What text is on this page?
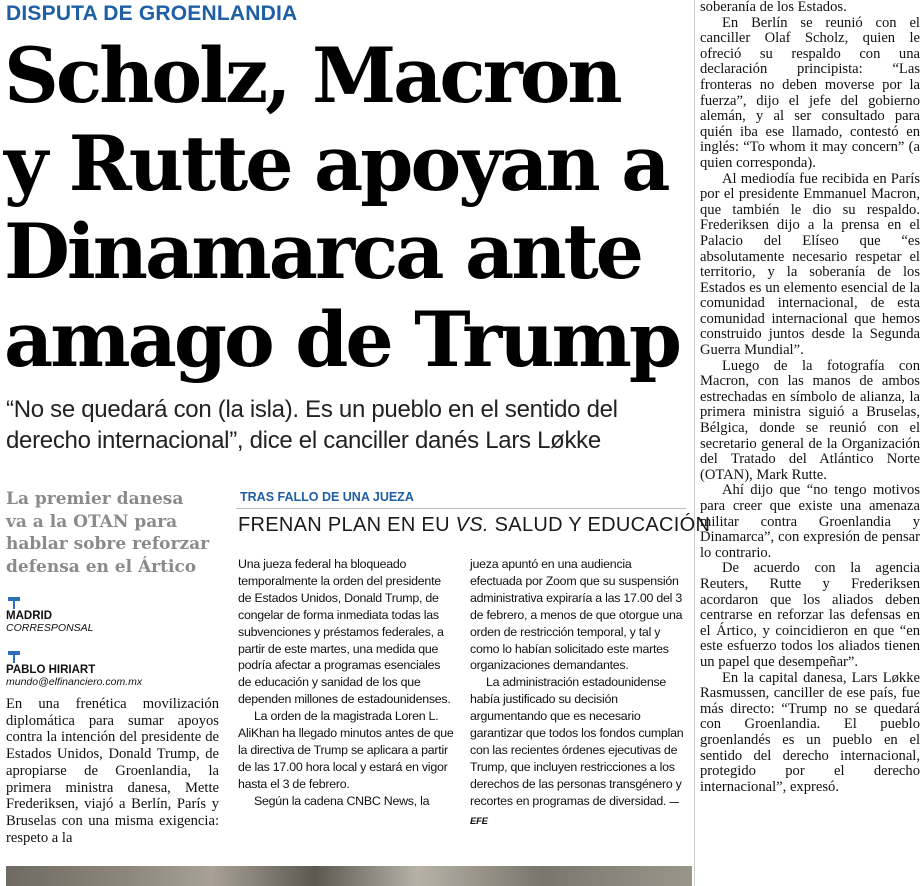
DISPUTA DE GROENLANDIA
Scholz, Macron
y Rutte apoyan a
Dinamarca ante
amago de Trump
“No se quedará con (la isla). Es un pueblo en el sentido del
derecho internacional”, dice el canciller danés Lars Løkke

soberanía de los Estados.

En Berlín se reunió con el canciller Olaf Scholz, quien le ofreció su respaldo con una declaración principista: “Las fronteras no deben moverse por la fuerza”, dijo el jefe del gobierno alemán, y al ser consultado para quién iba ese llamado, contestó en inglés: “To whom it may concern” (a quien corresponda).

Al mediodía fue recibida en París por el presidente Emmanuel Macron, que también le dio su respaldo. Frederiksen dijo a la prensa en el Palacio del Elíseo que “es absolutamente necesario respetar el territorio, y la soberanía de los Estados es un elemento esencial de la comunidad internacional, de esta comunidad internacional que hemos construido juntos desde la Segunda Guerra Mundial”.

Luego de la fotografía con Macron, con las manos de ambos estrechadas en símbolo de alianza, la primera ministra siguió a Bruselas, Bélgica, donde se reunió con el secretario general de la Organización del Tratado del Atlántico Norte (OTAN), Mark Rutte.

Ahí dijo que “no tengo motivos para creer que existe una amenaza militar contra Groenlandia y Dinamarca”, con expresión de pensar lo contrario.

De acuerdo con la agencia Reuters, Rutte y Frederiksen acordaron que los aliados deben centrarse en reforzar las defensas en el Ártico, y coincidieron en que “en este esfuerzo todos los aliados tienen un papel que desempeñar”.

En la capital danesa, Lars Løkke Rasmussen, canciller de ese país, fue más directo: “Trump no se quedará con Groenlandia. El pueblo groenlandés es un pueblo en el sentido del derecho internacional, protegido por el derecho internacional”, expresó.

La premier danesa
va a la OTAN para
hablar sobre reforzar
defensa en el Ártico
MADRID
CORRESPONSAL
PABLO HIRIART
mundo@elfinanciero.com.mx

En una frenética movilización diplomática para sumar apoyos contra la intención del presidente de Estados Unidos, Donald Trump, de apropiarse de Groenlandia, la primera ministra danesa, Mette Frederiksen, viajó a Berlín, París y Bruselas con una misma exigencia: respeto a la

TRAS FALLO DE UNA JUEZA
FRENAN PLAN EN EU VS. SALUD Y EDUCACIÓN

Una jueza federal ha bloqueado temporalmente la orden del presidente de Estados Unidos, Donald Trump, de congelar de forma inmediata todas las subvenciones y préstamos federales, a partir de este martes, una medida que podría afectar a programas esenciales de educación y sanidad de los que dependen millones de estadounidenses.

La orden de la magistrada Loren L. AliKhan ha llegado minutos antes de que la directiva de Trump se aplicara a partir de las 17.00 hora local y estará en vigor hasta el 3 de febrero.

Según la cadena CNBC News, la

jueza apuntó en una audiencia efectuada por Zoom que su suspensión administrativa expiraría a las 17.00 del 3 de febrero, a menos de que otorgue una orden de restricción temporal, y tal y como lo habían solicitado este martes organizaciones demandantes.

La administración estadounidense había justificado su decisión argumentando que es necesario garantizar que todos los fondos cumplan con las recientes órdenes ejecutivas de Trump, que incluyen restricciones a los derechos de las personas transgénero y recortes en programas de diversidad. —EFE
